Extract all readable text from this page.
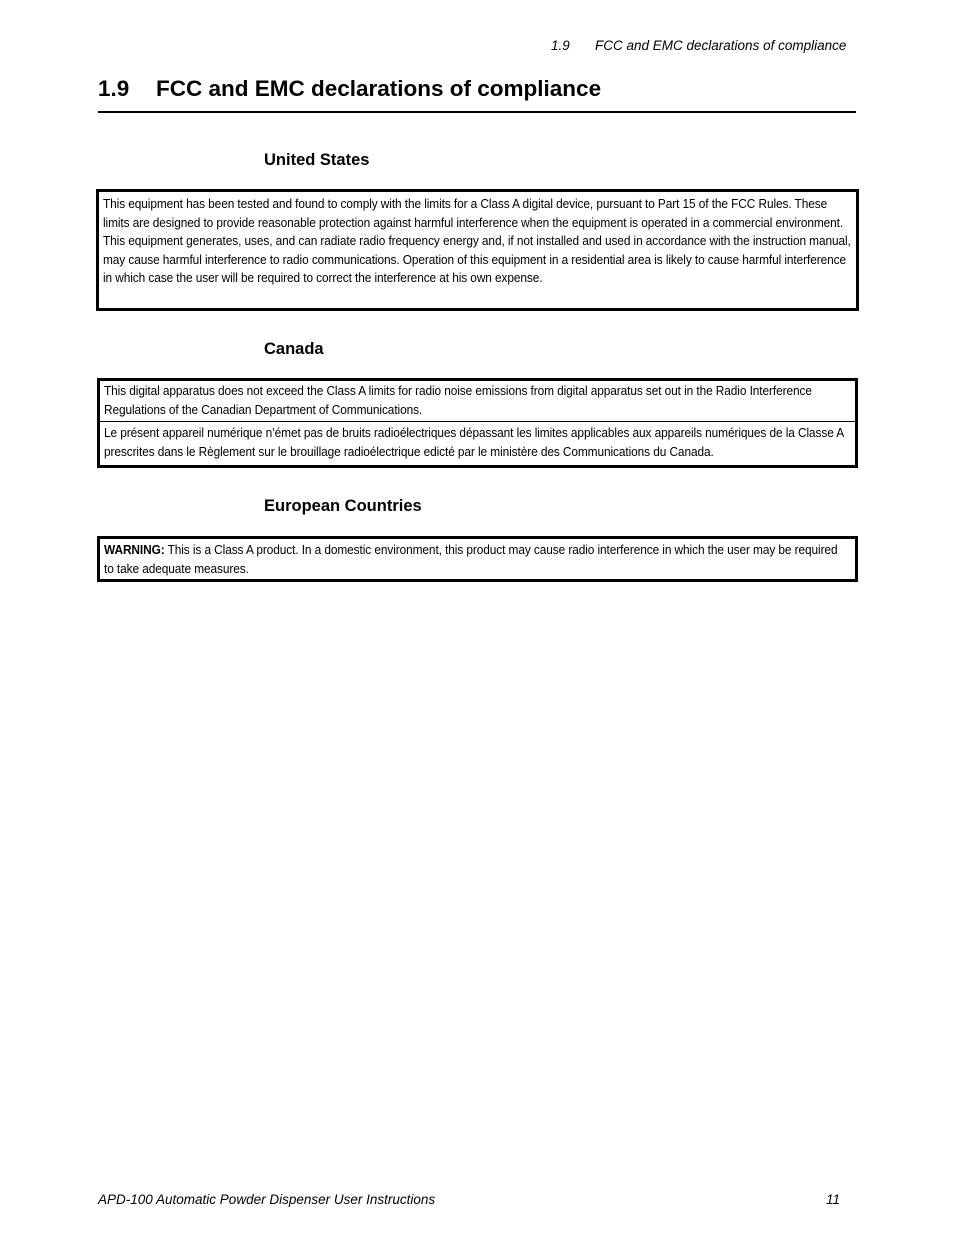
1.9 FCC and EMC declarations of compliance
1.9 FCC and EMC declarations of compliance
United States

This equipment has been tested and found to comply with the limits for a Class A digital device, pursuant to Part 15 of the FCC Rules. These limits are designed to provide reasonable protection against harmful interference when the equipment is operated in a commercial environment. This equipment generates, uses, and can radiate radio frequency energy and, if not installed and used in accordance with the instruction manual, may cause harmful interference to radio communications. Operation of this equipment in a residential area is likely to cause harmful interference in which case the user will be required to correct the interference at his own expense.

Canada

This digital apparatus does not exceed the Class A limits for radio noise emissions from digital apparatus set out in the Radio Interference Regulations of the Canadian Department of Communications.

Le présent appareil numérique n’émet pas de bruits radioélectriques dépassant les limites applicables aux appareils numériques de la Classe A prescrites dans le Règlement sur le brouillage radioélectrique edicté par le ministère des Communications du Canada.

European Countries

WARNING: This is a Class A product. In a domestic environment, this product may cause radio interference in which the user may be required to take adequate measures.

APD-100 Automatic Powder Dispenser User Instructions	11
